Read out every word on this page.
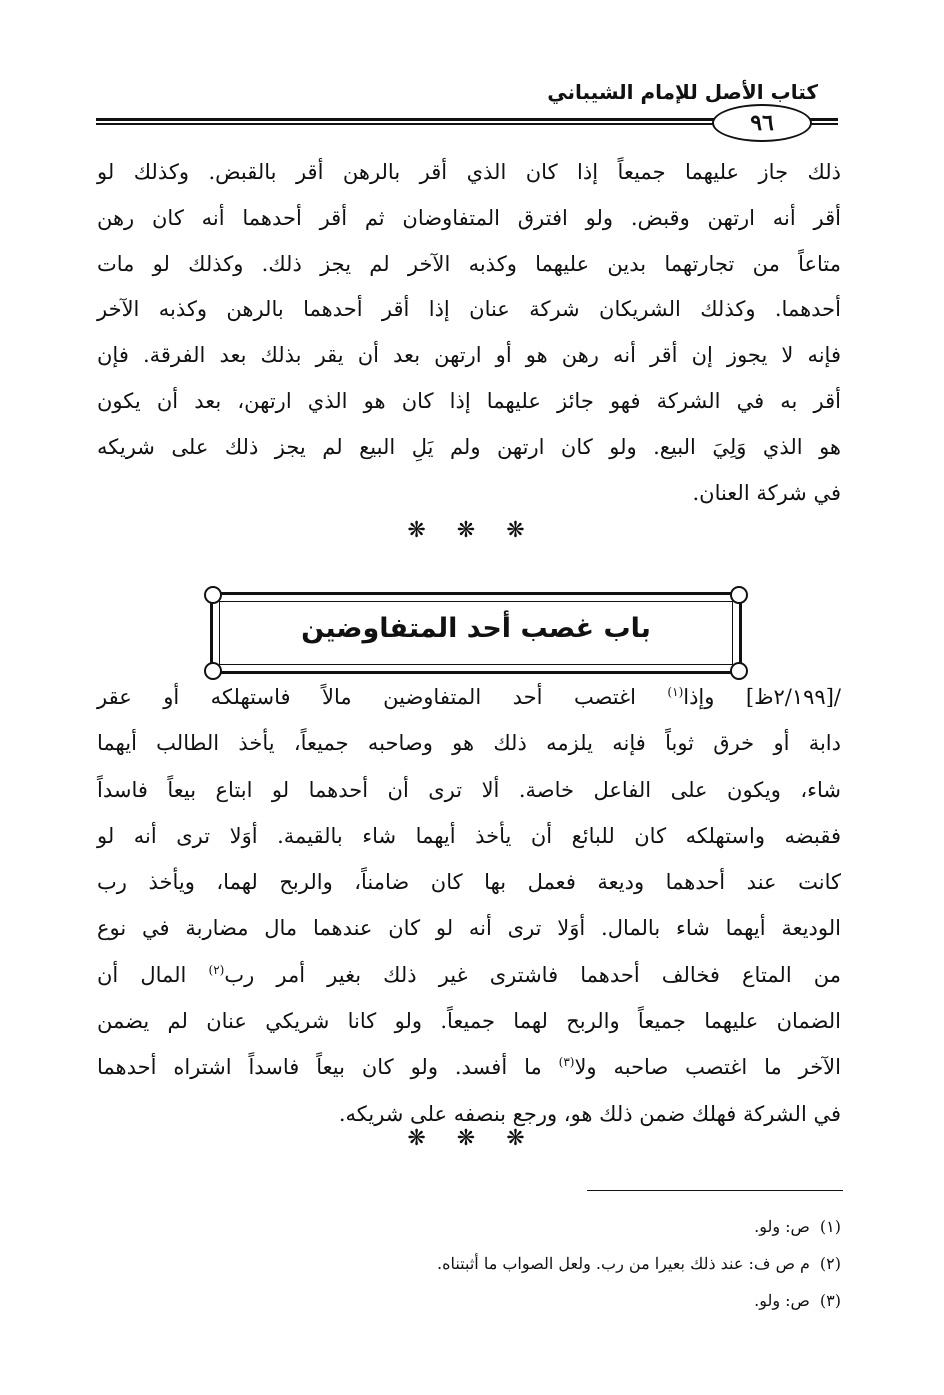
كتاب الأصل للإمام الشيباني
٩٦

ذلك جاز عليهما جميعاً إذا كان الذي أقر بالرهن أقر بالقبض. وكذلك لو
أقر أنه ارتهن وقبض. ولو افترق المتفاوضان ثم أقر أحدهما أنه كان رهن
متاعاً من تجارتهما بدين عليهما وكذبه الآخر لم يجز ذلك. وكذلك لو مات
أحدهما. وكذلك الشريكان شركة عنان إذا أقر أحدهما بالرهن وكذبه الآخر
فإنه لا يجوز إن أقر أنه رهن هو أو ارتهن بعد أن يقر بذلك بعد الفرقة. فإن
أقر به في الشركة فهو جائز عليهما إذا كان هو الذي ارتهن، بعد أن يكون
هو الذي وَلِيَ البيع. ولو كان ارتهن ولم يَلِ البيع لم يجز ذلك على شريكه
في شركة العنان.

❋ ❋ ❋
باب غصب أحد المتفاوضين

/[٢/١٩٩ظ] وإذا$^{(١)}$ اغتصب أحد المتفاوضين مالاً فاستهلكه أو عقر
دابة أو خرق ثوباً فإنه يلزمه ذلك هو وصاحبه جميعاً، يأخذ الطالب أيهما
شاء، ويكون على الفاعل خاصة. ألا ترى أن أحدهما لو ابتاع بيعاً فاسداً
فقبضه واستهلكه كان للبائع أن يأخذ أيهما شاء بالقيمة. أوَلا ترى أنه لو
كانت عند أحدهما وديعة فعمل بها كان ضامناً، والربح لهما، ويأخذ رب
الوديعة أيهما شاء بالمال. أوَلا ترى أنه لو كان عندهما مال مضاربة في نوع
من المتاع فخالف أحدهما فاشترى غير ذلك بغير أمر رب$^{(٢)}$ المال أن
الضمان عليهما جميعاً والربح لهما جميعاً. ولو كانا شريكي عنان لم يضمن
الآخر ما اغتصب صاحبه ولا$^{(٣)}$ ما أفسد. ولو كان بيعاً فاسداً اشتراه أحدهما
في الشركة فهلك ضمن ذلك هو، ورجع بنصفه على شريكه.

❋ ❋ ❋
(١)ص: ولو.
(٢)م ص ف: عند ذلك بعيرا من رب. ولعل الصواب ما أثبتناه.
(٣)ص: ولو.
